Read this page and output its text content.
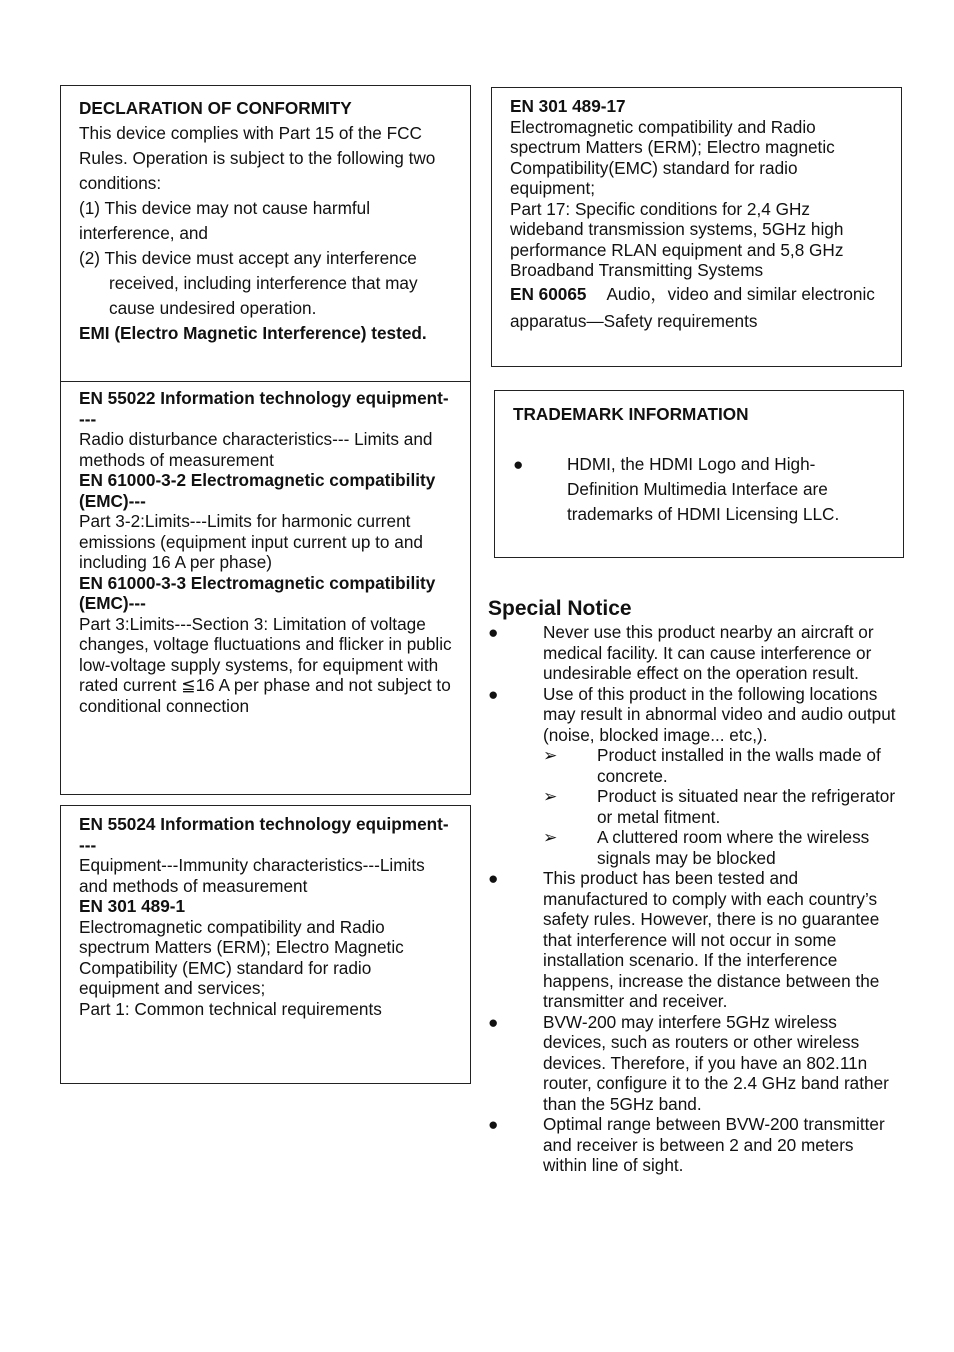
DECLARATION OF CONFORMITY

This device complies with Part 15 of the FCC Rules. Operation is subject to the following two conditions:

(1) This device may not cause harmful interference, and

(2) This device must accept any interference received, including interference that may cause undesired operation.

EMI (Electro Magnetic Interference) tested.

EN 55022 Information technology equipment----

Radio disturbance characteristics--- Limits and methods of measurement

EN 61000-3-2 Electromagnetic compatibility (EMC)---

Part 3-2:Limits---Limits for harmonic current emissions (equipment input current up to and including 16 A per phase)

EN 61000-3-3 Electromagnetic compatibility (EMC)---

Part 3:Limits---Section 3: Limitation of voltage changes, voltage fluctuations and flicker in public low-voltage supply systems, for equipment with rated current ≦16 A per phase and not subject to conditional connection

EN 55024 Information technology equipment----

Equipment---Immunity characteristics---Limits and methods of measurement

EN 301 489-1

Electromagnetic compatibility and Radio spectrum Matters (ERM); Electro Magnetic Compatibility (EMC) standard for radio equipment and services;

Part 1: Common technical requirements

EN 301 489-17

Electromagnetic compatibility and Radio spectrum Matters (ERM); Electro magnetic Compatibility(EMC) standard for radio equipment;

Part 17: Specific conditions for 2,4 GHz wideband transmission systems, 5GHz high performance RLAN equipment and 5,8 GHz Broadband Transmitting Systems

EN 60065 Audio，video and similar electronic apparatus—Safety requirements

TRADEMARK INFORMATION

●	HDMI, the HDMI Logo and High-Definition Multimedia Interface are trademarks of HDMI Licensing LLC.

Special Notice

●	Never use this product nearby an aircraft or medical facility. It can cause interference or undesirable effect on the operation result.
●	Use of this product in the following locations may result in abnormal video and audio output (noise, blocked image... etc,).
➢	Product installed in the walls made of concrete.
➢	Product is situated near the refrigerator or metal fitment.
➢	A cluttered room where the wireless signals may be blocked
●	This product has been tested and manufactured to comply with each country’s safety rules. However, there is no guarantee that interference will not occur in some installation scenario. If the interference happens, increase the distance between the transmitter and receiver.
●	BVW-200 may interfere 5GHz wireless devices, such as routers or other wireless devices. Therefore, if you have an 802.11n router, configure it to the 2.4 GHz band rather than the 5GHz band.
●	Optimal range between BVW-200 transmitter and receiver is between 2 and 20 meters within line of sight.
